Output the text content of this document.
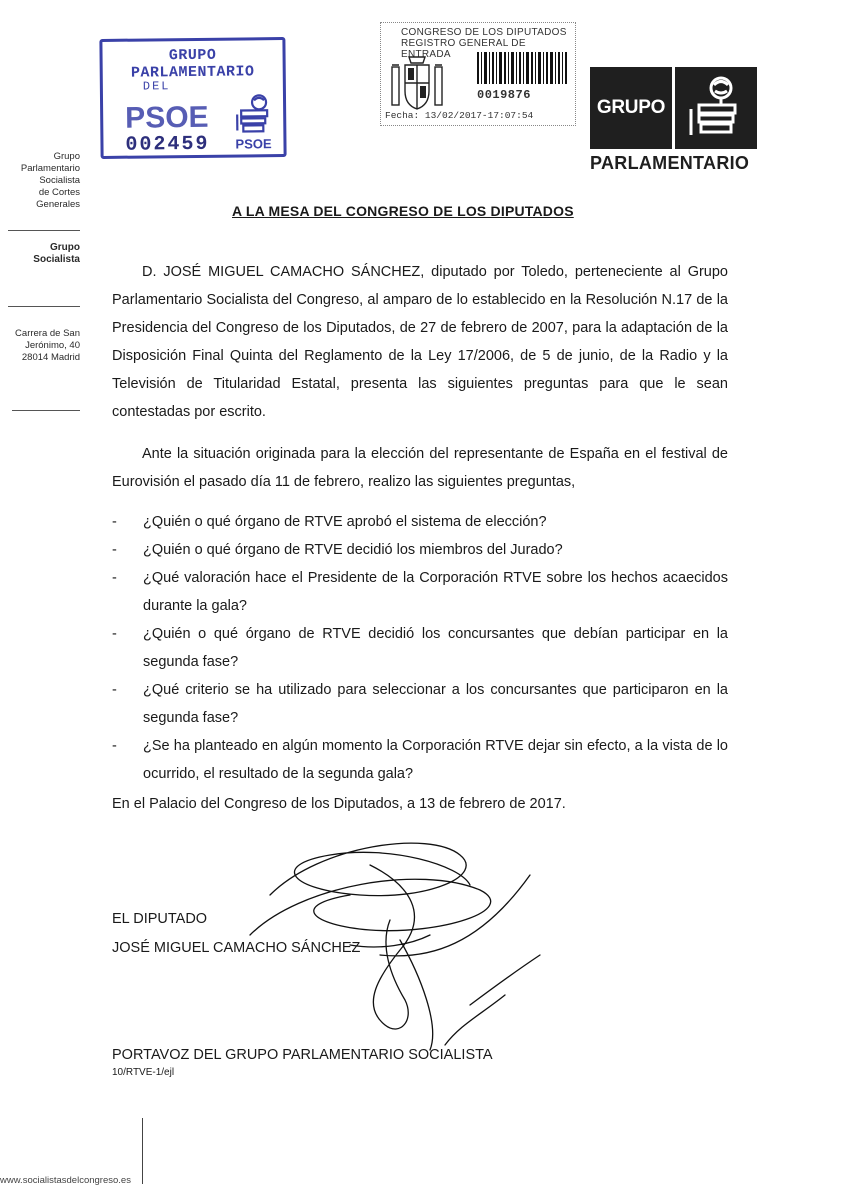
GRUPO PARLAMENTARIO
DEL
PSOE
002459 PSOE
CONGRESO DE LOS DIPUTADOS
REGISTRO GENERAL DE ENTRADA
0019876
Fecha: 13/02/2017-17:07:54	GRUPO
PARLAMENTARIO
Grupo
Parlamentario
Socialista
de Cortes
Generales
Grupo
Socialista
Carrera de San
Jerónimo, 40
28014 Madrid
A LA MESA DEL CONGRESO DE LOS DIPUTADOS
D. JOSÉ MIGUEL CAMACHO SÁNCHEZ, diputado por Toledo, perteneciente al Grupo Parlamentario Socialista del Congreso, al amparo de lo establecido en la Resolución N.17 de la Presidencia del Congreso de los Diputados, de 27 de febrero de 2007, para la adaptación de la Disposición Final Quinta del Reglamento de la Ley 17/2006, de 5 de junio, de la Radio y la Televisión de Titularidad Estatal, presenta las siguientes preguntas para que le sean contestadas por escrito.
Ante la situación originada para la elección del representante de España en el festival de Eurovisión el pasado día 11 de febrero, realizo las siguientes preguntas,
- ¿Quién o qué órgano de RTVE aprobó el sistema de elección?
- ¿Quién o qué órgano de RTVE decidió los miembros del Jurado?
- ¿Qué valoración hace el Presidente de la Corporación RTVE sobre los hechos acaecidos durante la gala?
- ¿Quién o qué órgano de RTVE decidió los concursantes que debían participar en la segunda fase?
- ¿Qué criterio se ha utilizado para seleccionar a los concursantes que participaron en la segunda fase?
- ¿Se ha planteado en algún momento la Corporación RTVE dejar sin efecto, a la vista de lo ocurrido, el resultado de la segunda gala?
En el Palacio del Congreso de los Diputados, a 13 de febrero de 2017.
EL DIPUTADO
JOSÉ MIGUEL CAMACHO SÁNCHEZ
PORTAVOZ DEL GRUPO PARLAMENTARIO SOCIALISTA
10/RTVE-1/ejl
www.socialistasdelcongreso.es
